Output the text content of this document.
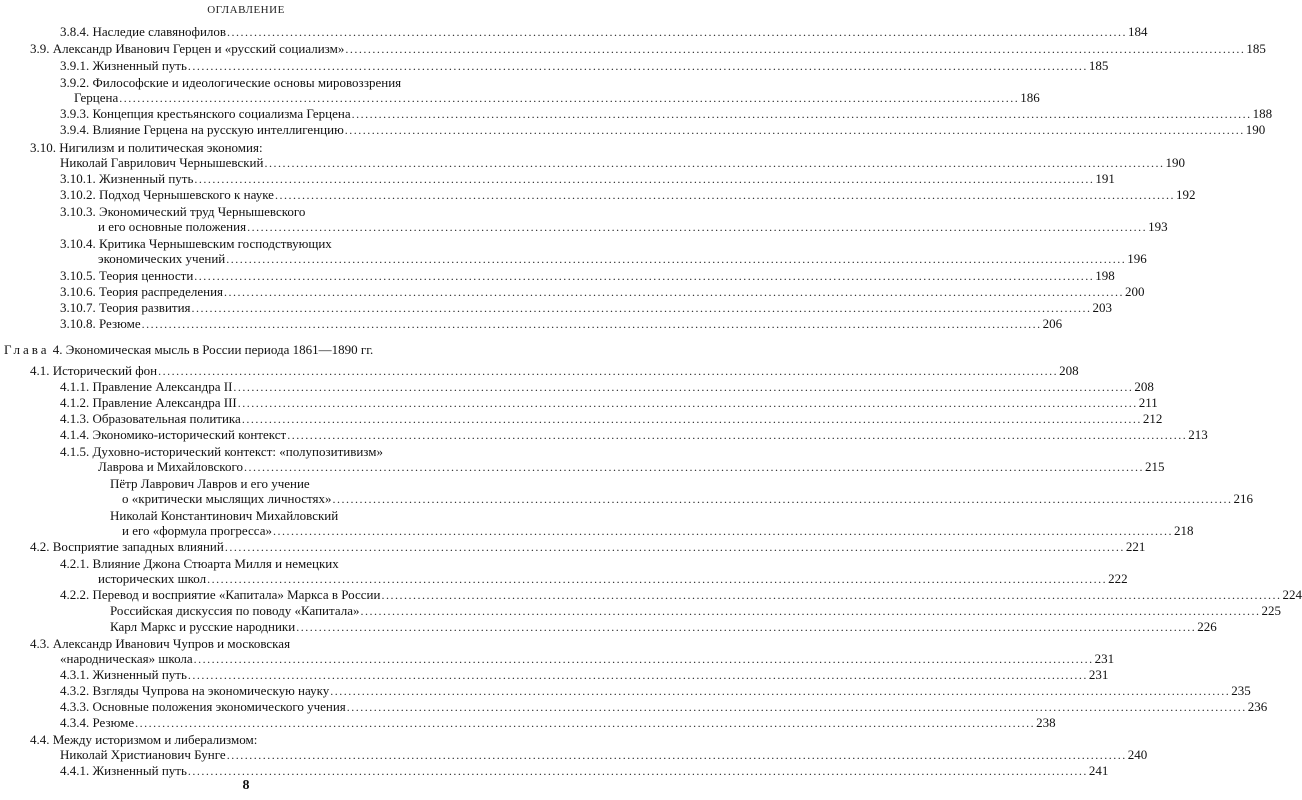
ОГЛАВЛЕНИЕ
Глава 4. Экономическая мысль в России периода 1861—1890 гг.
3.8.4. Наследие славянофилов ........................................................................................................................................................................................................ 184
3.9. Александр Иванович Герцен и «русский социализм» ........................................................................................................................................................................................................ 185
3.9.1. Жизненный путь ........................................................................................................................................................................................................ 185
3.9.2. Философские и идеологические основы мировоззрения
Герцена ........................................................................................................................................................................................................ 186
3.9.3. Концепция крестьянского социализма Герцена ........................................................................................................................................................................................................ 188
3.9.4. Влияние Герцена на русскую интеллигенцию ........................................................................................................................................................................................................ 190
3.10. Нигилизм и политическая экономия:
Николай Гаврилович Чернышевский ........................................................................................................................................................................................................ 190
3.10.1. Жизненный путь ........................................................................................................................................................................................................ 191
3.10.2. Подход Чернышевского к науке ........................................................................................................................................................................................................ 192
3.10.3. Экономический труд Чернышевского
и его основные положения ........................................................................................................................................................................................................ 193
3.10.4. Критика Чернышевским господствующих
экономических учений ........................................................................................................................................................................................................ 196
3.10.5. Теория ценности ........................................................................................................................................................................................................ 198
3.10.6. Теория распределения ........................................................................................................................................................................................................ 200
3.10.7. Теория развития ........................................................................................................................................................................................................ 203
3.10.8. Резюме ........................................................................................................................................................................................................ 206
4.1. Исторический фон ........................................................................................................................................................................................................ 208
4.1.1. Правление Александра II ........................................................................................................................................................................................................ 208
4.1.2. Правление Александра III ........................................................................................................................................................................................................ 211
4.1.3. Образовательная политика ........................................................................................................................................................................................................ 212
4.1.4. Экономико-исторический контекст ........................................................................................................................................................................................................ 213
4.1.5. Духовно-исторический контекст: «полупозитивизм»
Лаврова и Михайловского ........................................................................................................................................................................................................ 215
Пётр Лаврович Лавров и его учение
о «критически мыслящих личностях» ........................................................................................................................................................................................................ 216
Николай Константинович Михайловский
и его «формула прогресса» ........................................................................................................................................................................................................ 218
4.2. Восприятие западных влияний ........................................................................................................................................................................................................ 221
4.2.1. Влияние Джона Стюарта Милля и немецких
исторических школ ........................................................................................................................................................................................................ 222
4.2.2. Перевод и восприятие «Капитала» Маркса в России ........................................................................................................................................................................................................ 224
Российская дискуссия по поводу «Капитала» ........................................................................................................................................................................................................ 225
Карл Маркс и русские народники ........................................................................................................................................................................................................ 226
4.3. Александр Иванович Чупров и московская
«народническая» школа ........................................................................................................................................................................................................ 231
4.3.1. Жизненный путь ........................................................................................................................................................................................................ 231
4.3.2. Взгляды Чупрова на экономическую науку ........................................................................................................................................................................................................ 235
4.3.3. Основные положения экономического учения ........................................................................................................................................................................................................ 236
4.3.4. Резюме ........................................................................................................................................................................................................ 238
4.4. Между историзмом и либерализмом:
Николай Христианович Бунге ........................................................................................................................................................................................................ 240
4.4.1. Жизненный путь ........................................................................................................................................................................................................ 241
8
